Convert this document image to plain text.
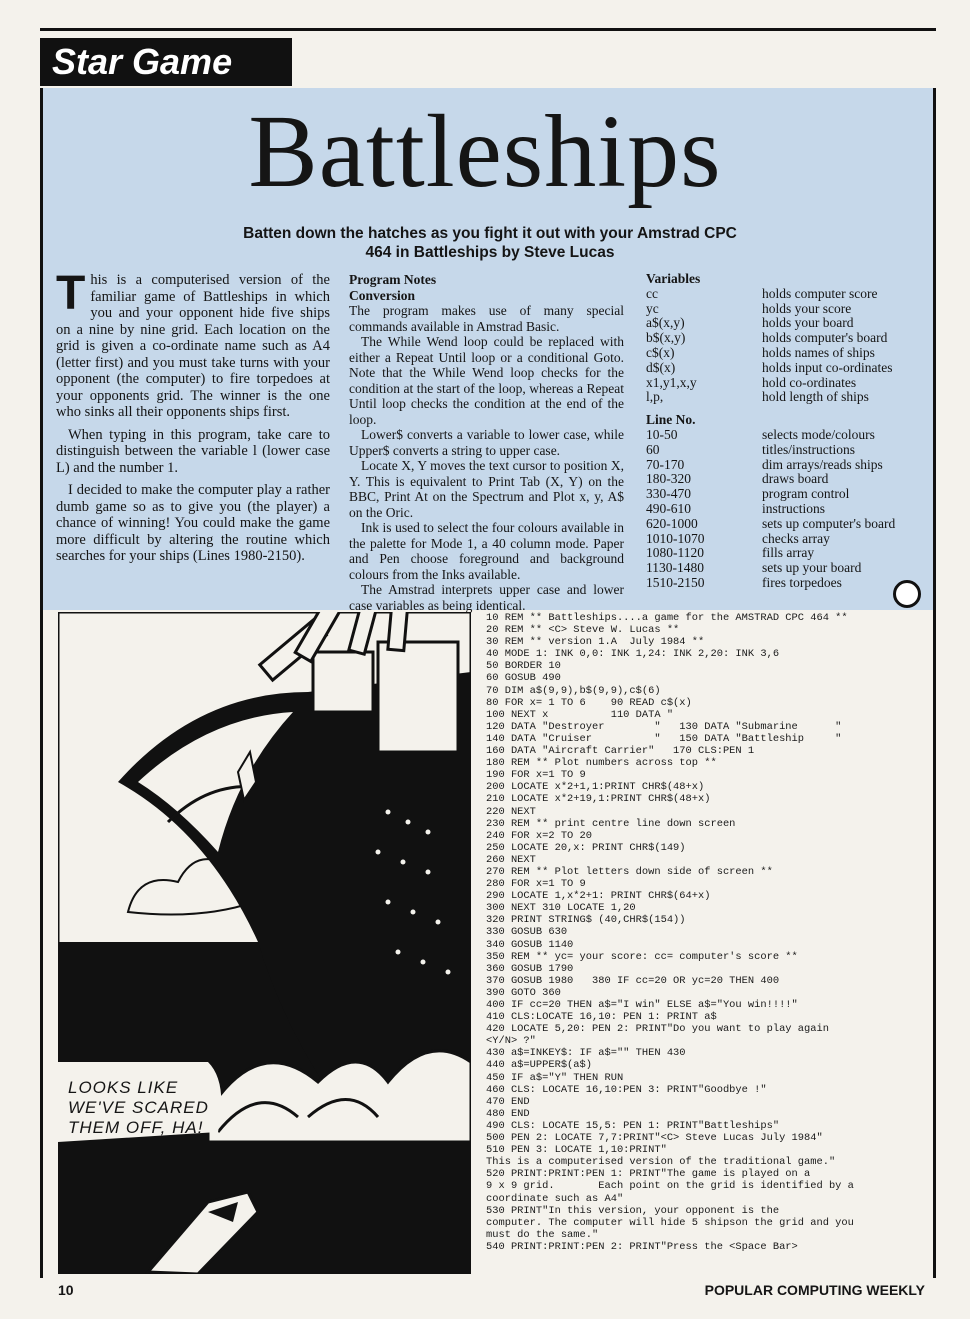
Star Game
Battleships
Batten down the hatches as you fight it out with your Amstrad CPC 464 in Battleships by Steve Lucas

This is a computerised version of the familiar game of Battleships in which you and your opponent hide five ships on a nine by nine grid. Each location on the grid is given a co-ordinate name such as A4 (letter first) and you must take turns with your opponent (the computer) to fire torpedoes at your opponents grid. The winner is the one who sinks all their opponents ships first.

When typing in this program, take care to distinguish between the variable l (lower case L) and the number 1.

I decided to make the computer play a rather dumb game so as to give you (the player) a chance of winning! You could make the game more difficult by altering the routine which searches for your ships (Lines 1980-2150).

Program Notes

Conversion

The program makes use of many special commands available in Amstrad Basic.

The While Wend loop could be replaced with either a Repeat Until loop or a conditional Goto. Note that the While Wend loop checks for the condition at the start of the loop, whereas a Repeat Until loop checks the condition at the end of the loop.

Lower$ converts a variable to lower case, while Upper$ converts a string to upper case.

Locate X, Y moves the text cursor to position X, Y. This is equivalent to Print Tab (X, Y) on the BBC, Print At on the Spectrum and Plot x, y, A$ on the Oric.

Ink is used to select the four colours available in the palette for Mode 1, a 40 column mode. Paper and Pen choose foreground and background colours from the Inks available.

The Amstrad interprets upper case and lower case variables as being identical.

Variables
cc	holds computer score
yc	holds your score
a$(x,y)	holds your board
b$(x,y)	holds computer's board
c$(x)	holds names of ships
d$(x)	holds input co-ordinates
x1,y1,x,y	hold co-ordinates
l,p,	hold length of ships
Line No.
10-50	selects mode/colours
60	titles/instructions
70-170	dim arrays/reads ships
180-320	draws board
330-470	program control
490-610	instructions
620-1000	sets up computer's board
1010-1070	checks array
1080-1120	fills array
1130-1480	sets up your board
1510-2150	fires torpedoes
LOOKS LIKE
WE'VE SCARED
THEM OFF, HA!
10 REM ** Battleships....a game for the AMSTRAD CPC 464 **
20 REM ** <C> Steve W. Lucas **
30 REM ** version 1.A  July 1984 **
40 MODE 1: INK 0,0: INK 1,24: INK 2,20: INK 3,6
50 BORDER 10
60 GOSUB 490
70 DIM a$(9,9),b$(9,9),c$(6)
80 FOR x= 1 TO 6    90 READ c$(x)
100 NEXT x          110 DATA "
120 DATA "Destroyer        "   130 DATA "Submarine      "
140 DATA "Cruiser          "   150 DATA "Battleship     "
160 DATA "Aircraft Carrier"   170 CLS:PEN 1
180 REM ** Plot numbers across top **
190 FOR x=1 TO 9
200 LOCATE x*2+1,1:PRINT CHR$(48+x)
210 LOCATE x*2+19,1:PRINT CHR$(48+x)
220 NEXT
230 REM ** print centre line down screen
240 FOR x=2 TO 20
250 LOCATE 20,x: PRINT CHR$(149)
260 NEXT
270 REM ** Plot letters down side of screen **
280 FOR x=1 TO 9
290 LOCATE 1,x*2+1: PRINT CHR$(64+x)
300 NEXT 310 LOCATE 1,20
320 PRINT STRING$ (40,CHR$(154))
330 GOSUB 630
340 GOSUB 1140
350 REM ** yc= your score: cc= computer's score **
360 GOSUB 1790
370 GOSUB 1980   380 IF cc=20 OR yc=20 THEN 400
390 GOTO 360
400 IF cc=20 THEN a$="I win" ELSE a$="You win!!!!"
410 CLS:LOCATE 16,10: PEN 1: PRINT a$
420 LOCATE 5,20: PEN 2: PRINT"Do you want to play again
<Y/N> ?"
430 a$=INKEY$: IF a$="" THEN 430
440 a$=UPPER$(a$)
450 IF a$="Y" THEN RUN
460 CLS: LOCATE 16,10:PEN 3: PRINT"Goodbye !"
470 END
480 END
490 CLS: LOCATE 15,5: PEN 1: PRINT"Battleships"
500 PEN 2: LOCATE 7,7:PRINT"<C> Steve Lucas July 1984"
510 PEN 3: LOCATE 1,10:PRINT"
This is a computerised version of the traditional game."
520 PRINT:PRINT:PEN 1: PRINT"The game is played on a
9 x 9 grid.       Each point on the grid is identified by a
coordinate such as A4"
530 PRINT"In this version, your opponent is the
computer. The computer will hide 5 shipson the grid and you
must do the same."
540 PRINT:PRINT:PEN 2: PRINT"Press the <Space Bar>
10	POPULAR COMPUTING WEEKLY
